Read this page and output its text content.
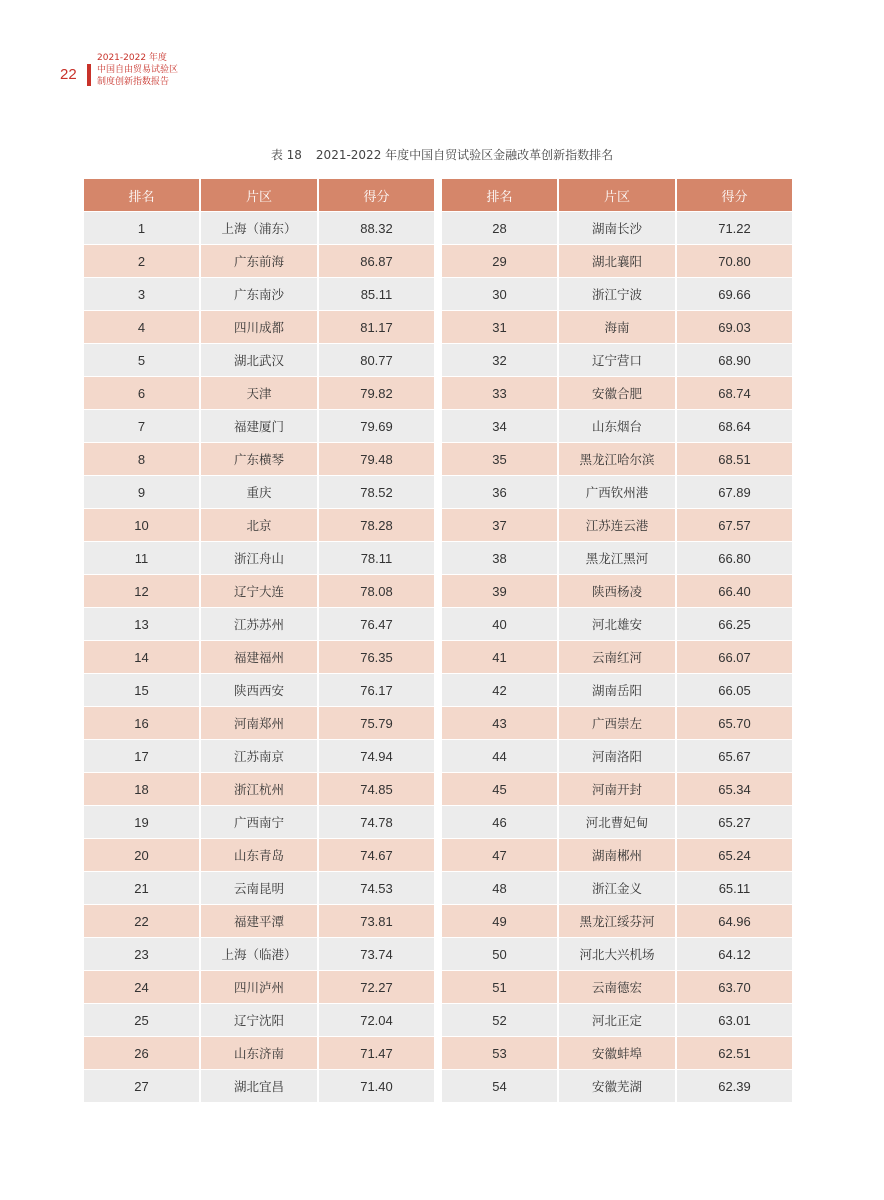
22
2021-2022 年度
中国自由贸易试验区
制度创新指数报告
表 18 2021-2022 年度中国自贸试验区金融改革创新指数排名
排名	片区	得分
1	上海（浦东）	88.32
2	广东前海	86.87
3	广东南沙	85.11
4	四川成都	81.17
5	湖北武汉	80.77
6	天津	79.82
7	福建厦门	79.69
8	广东横琴	79.48
9	重庆	78.52
10	北京	78.28
11	浙江舟山	78.11
12	辽宁大连	78.08
13	江苏苏州	76.47
14	福建福州	76.35
15	陕西西安	76.17
16	河南郑州	75.79
17	江苏南京	74.94
18	浙江杭州	74.85
19	广西南宁	74.78
20	山东青岛	74.67
21	云南昆明	74.53
22	福建平潭	73.81
23	上海（临港）	73.74
24	四川泸州	72.27
25	辽宁沈阳	72.04
26	山东济南	71.47
27	湖北宜昌	71.40
排名	片区	得分
28	湖南长沙	71.22
29	湖北襄阳	70.80
30	浙江宁波	69.66
31	海南	69.03
32	辽宁营口	68.90
33	安徽合肥	68.74
34	山东烟台	68.64
35	黑龙江哈尔滨	68.51
36	广西钦州港	67.89
37	江苏连云港	67.57
38	黑龙江黑河	66.80
39	陕西杨凌	66.40
40	河北雄安	66.25
41	云南红河	66.07
42	湖南岳阳	66.05
43	广西崇左	65.70
44	河南洛阳	65.67
45	河南开封	65.34
46	河北曹妃甸	65.27
47	湖南郴州	65.24
48	浙江金义	65.11
49	黑龙江绥芬河	64.96
50	河北大兴机场	64.12
51	云南德宏	63.70
52	河北正定	63.01
53	安徽蚌埠	62.51
54	安徽芜湖	62.39
